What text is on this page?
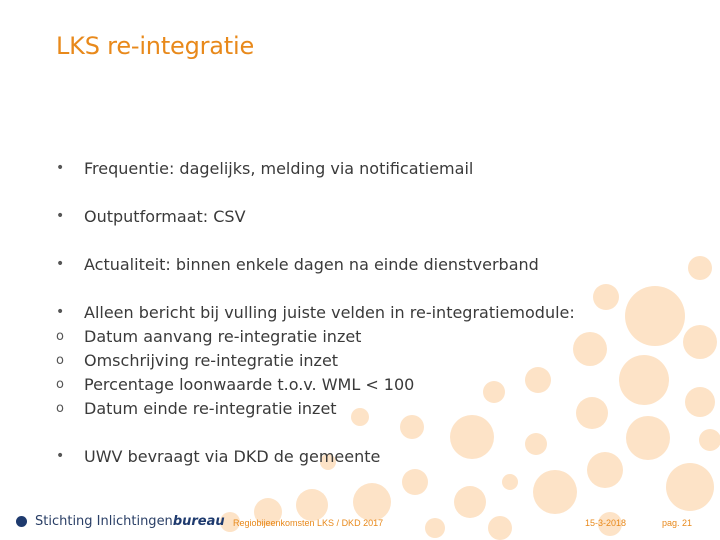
LKS re-integratie
•	Frequentie: dagelijks, melding via notificatiemail
•	Outputformaat: CSV
•	Actualiteit: binnen enkele dagen na einde dienstverband
•	Alleen bericht bij vulling juiste velden in re-integratiemodule:
o	Datum aanvang re-integratie inzet
o	Omschrijving re-integratie inzet
o	Percentage loonwaarde t.o.v. WML < 100
o	Datum einde re-integratie inzet
•	UWV bevraagt via DKD de gemeente
Stichting Inlichtingenbureau Regiobijeenkomsten LKS / DKD 2017	15-3-2018	pag. 21
